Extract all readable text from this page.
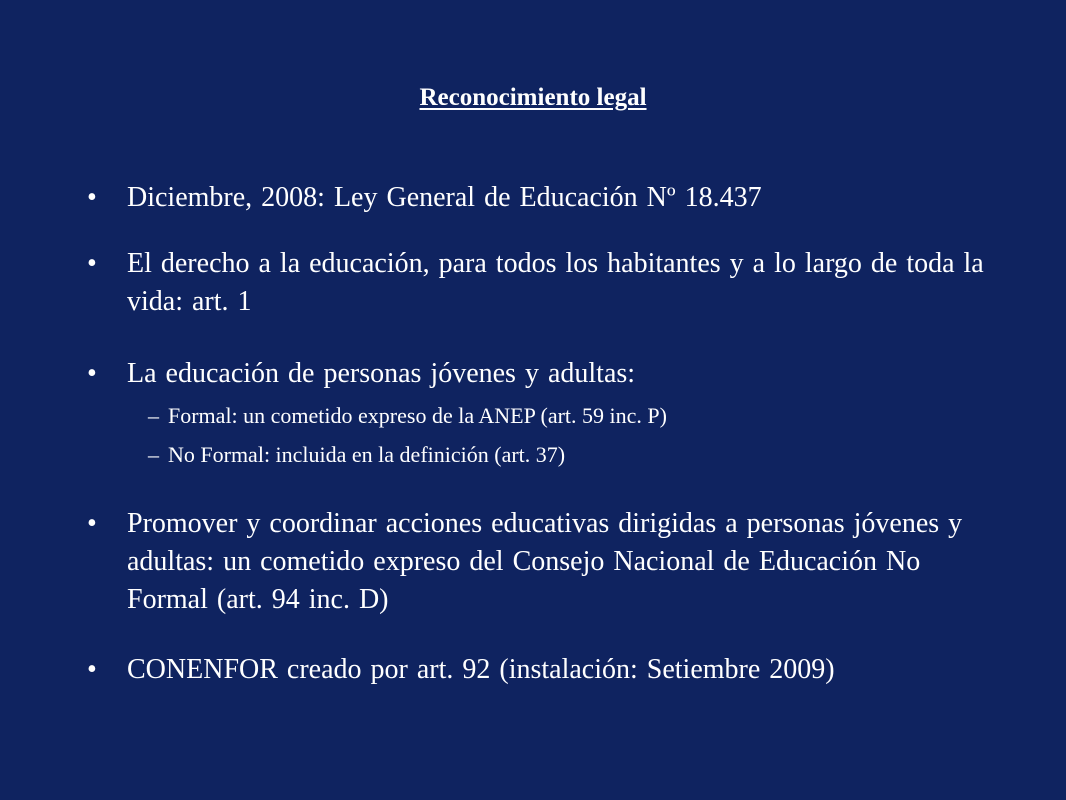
Reconocimiento legal
•	Diciembre, 2008: Ley General de Educación Nº 18.437
•	El derecho a la educación, para todos los habitantes y a lo largo de toda la vida: art. 1
•	La educación de personas jóvenes y adultas:
– Formal: un cometido expreso de la ANEP (art. 59 inc. P)
– No Formal: incluida en la definición (art. 37)
•	Promover y coordinar acciones educativas dirigidas a personas jóvenes y adultas: un cometido expreso del Consejo Nacional de Educación No Formal (art. 94 inc. D)
•	CONENFOR creado por art. 92 (instalación: Setiembre 2009)
